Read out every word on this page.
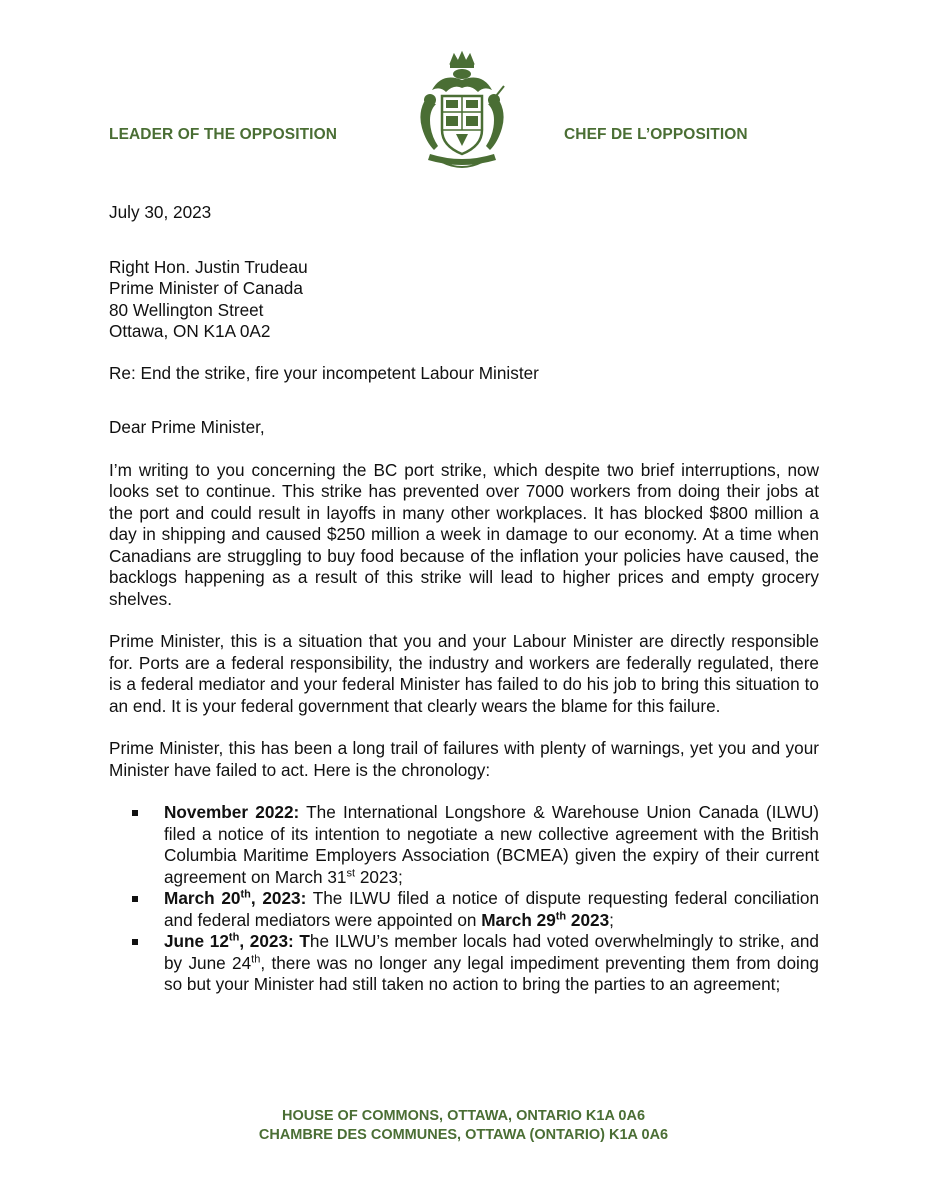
LEADER OF THE OPPOSITION	CHEF DE L’OPPOSITION

July 30, 2023

Right Hon. Justin Trudeau

Prime Minister of Canada

80 Wellington Street

Ottawa, ON K1A 0A2

Re: End the strike, fire your incompetent Labour Minister

Dear Prime Minister,

I’m writing to you concerning the BC port strike, which despite two brief interruptions, now looks set to continue. This strike has prevented over 7000 workers from doing their jobs at the port and could result in layoffs in many other workplaces. It has blocked $800 million a day in shipping and caused $250 million a week in damage to our economy. At a time when Canadians are struggling to buy food because of the inflation your policies have caused, the backlogs happening as a result of this strike will lead to higher prices and empty grocery shelves.

Prime Minister, this is a situation that you and your Labour Minister are directly responsible for. Ports are a federal responsibility, the industry and workers are federally regulated, there is a federal mediator and your federal Minister has failed to do his job to bring this situation to an end. It is your federal government that clearly wears the blame for this failure.

Prime Minister, this has been a long trail of failures with plenty of warnings, yet you and your Minister have failed to act. Here is the chronology:

November 2022: The International Longshore & Warehouse Union Canada (ILWU) filed a notice of its intention to negotiate a new collective agreement with the British Columbia Maritime Employers Association (BCMEA) given the expiry of their current agreement on March 31st 2023;
March 20th, 2023: The ILWU filed a notice of dispute requesting federal conciliation and federal mediators were appointed on March 29th 2023;
June 12th, 2023: The ILWU’s member locals had voted overwhelmingly to strike, and by June 24th, there was no longer any legal impediment preventing them from doing so but your Minister had still taken no action to bring the parties to an agreement;
HOUSE OF COMMONS, OTTAWA, ONTARIO K1A 0A6
CHAMBRE DES COMMUNES, OTTAWA (ONTARIO) K1A 0A6
